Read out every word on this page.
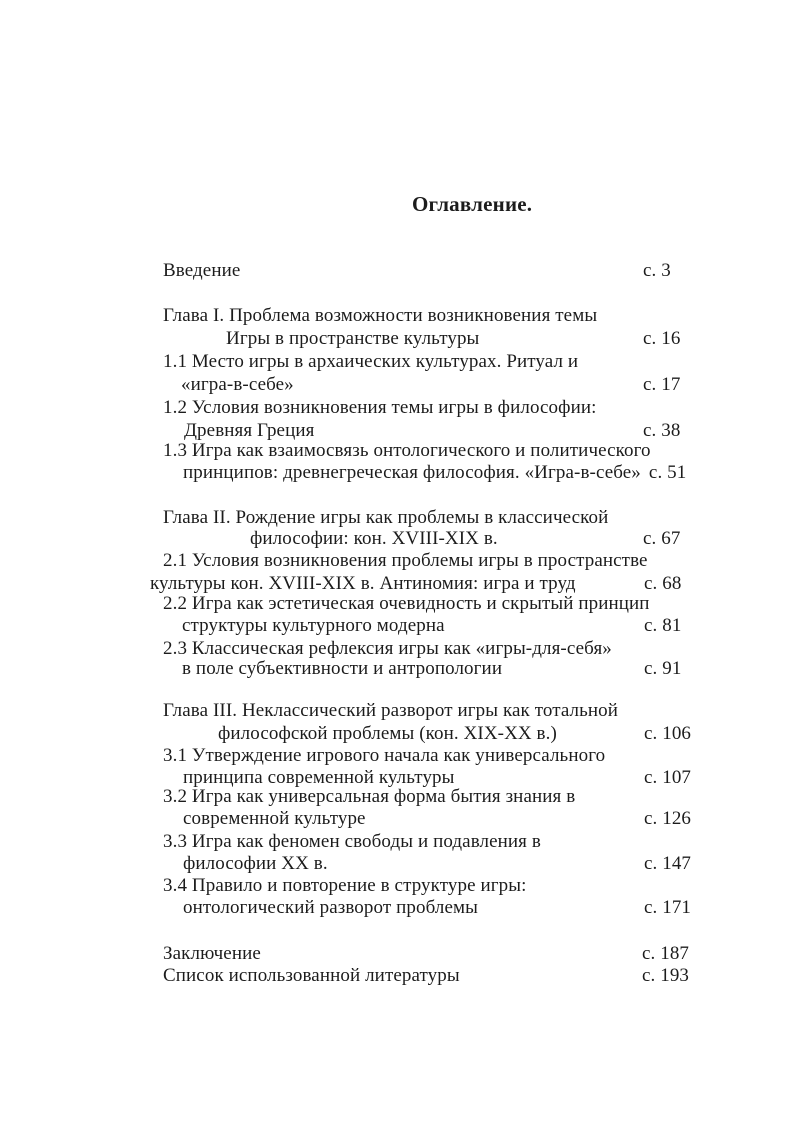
Оглавление.
Введение	с. 3
Глава I. Проблема возможности возникновения темы
Игры в пространстве культуры	с. 16
1.1 Место игры в архаических культурах. Ритуал и
«игра-в-себе»	с. 17
1.2 Условия возникновения темы игры в философии:
Древняя Греция	с. 38
1.3 Игра как взаимосвязь онтологического и политического
принципов: древнегреческая философия. «Игра-в-себе» с. 51
Глава II. Рождение игры как проблемы в классической
философии: кон. XVIII-XIX в.	с. 67
2.1 Условия возникновения проблемы игры в пространстве
культуры кон. XVIII-XIX в. Антиномия: игра и труд	с. 68
2.2 Игра как эстетическая очевидность и скрытый принцип
структуры культурного модерна	с. 81
2.3 Классическая рефлексия игры как «игры-для-себя»
в поле субъективности и антропологии	с. 91
Глава III. Неклассический разворот игры как тотальной
философской проблемы (кон. XIX-XX в.)	с. 106
3.1 Утверждение игрового начала как универсального
принципа современной культуры	с. 107
3.2 Игра как универсальная форма бытия знания в
современной культуре	с. 126
3.3 Игра как феномен свободы и подавления в
философии XX в.	с. 147
3.4 Правило и повторение в структуре игры:
онтологический разворот проблемы	с. 171
Заключение	с. 187
Список использованной литературы	с. 193
